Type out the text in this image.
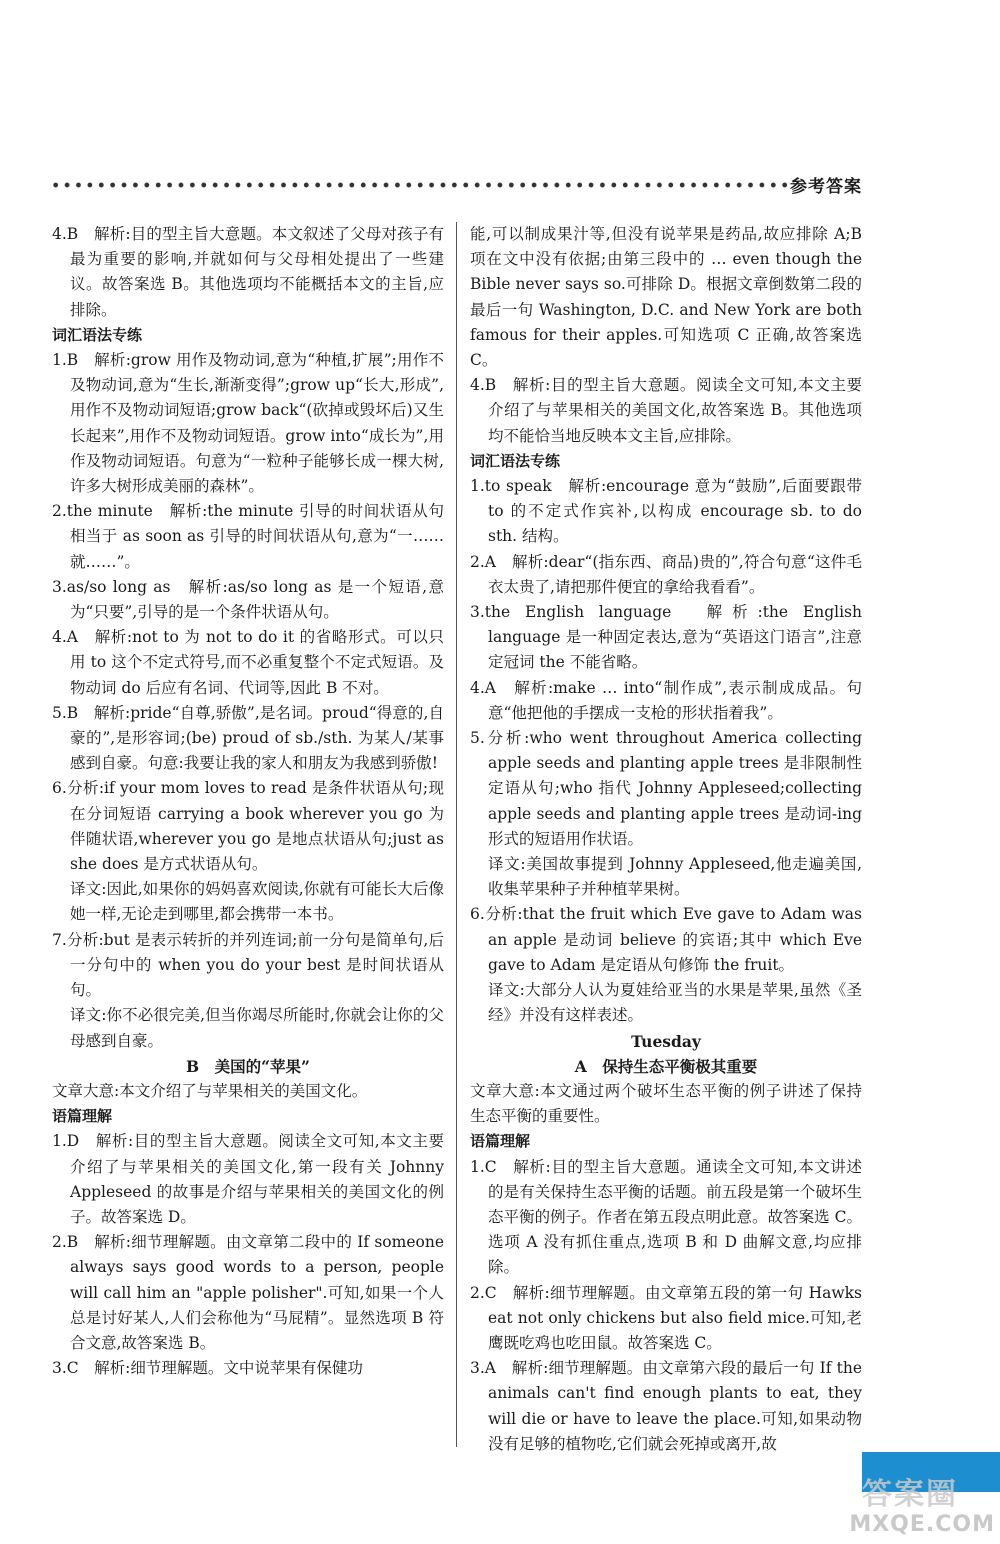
参考答案
4.B　解析:目的型主旨大意题。本文叙述了父母对孩子有最为重要的影响,并就如何与父母相处提出了一些建议。故答案选 B。其他选项均不能概括本文的主旨,应排除。
词汇语法专练
1.B　解析:grow 用作及物动词,意为“种植,扩展”;用作不及物动词,意为“生长,渐渐变得”;grow up“长大,形成”,用作不及物动词短语;grow back“(砍掉或毁坏后)又生长起来”,用作不及物动词短语。grow into“成长为”,用作及物动词短语。句意为“一粒种子能够长成一棵大树,许多大树形成美丽的森林”。
2.the minute　解析:the minute 引导的时间状语从句相当于 as soon as 引导的时间状语从句,意为“一……就……”。
3.as/so long as　解析:as/so long as 是一个短语,意为“只要”,引导的是一个条件状语从句。
4.A　解析:not to 为 not to do it 的省略形式。可以只用 to 这个不定式符号,而不必重复整个不定式短语。及物动词 do 后应有名词、代词等,因此 B 不对。
5.B　解析:pride“自尊,骄傲”,是名词。proud“得意的,自豪的”,是形容词;(be) proud of sb./sth. 为某人/某事感到自豪。句意:我要让我的家人和朋友为我感到骄傲!
6.分析:if your mom loves to read 是条件状语从句;现在分词短语 carrying a book wherever you go 为伴随状语,wherever you go 是地点状语从句;just as she does 是方式状语从句。
译文:因此,如果你的妈妈喜欢阅读,你就有可能长大后像她一样,无论走到哪里,都会携带一本书。
7.分析:but 是表示转折的并列连词;前一分句是简单句,后一分句中的 when you do your best 是时间状语从句。
译文:你不必很完美,但当你竭尽所能时,你就会让你的父母感到自豪。
B　美国的“苹果”
文章大意:本文介绍了与苹果相关的美国文化。
语篇理解
1.D　解析:目的型主旨大意题。阅读全文可知,本文主要介绍了与苹果相关的美国文化,第一段有关 Johnny Appleseed 的故事是介绍与苹果相关的美国文化的例子。故答案选 D。
2.B　解析:细节理解题。由文章第二段中的 If someone always says good words to a person, people will call him an "apple polisher".可知,如果一个人总是讨好某人,人们会称他为“马屁精”。显然选项 B 符合文意,故答案选 B。
3.C　解析:细节理解题。文中说苹果有保健功
能,可以制成果汁等,但没有说苹果是药品,故应排除 A;B 项在文中没有依据;由第三段中的 … even though the Bible never says so.可排除 D。根据文章倒数第二段的最后一句 Washington, D.C. and New York are both famous for their apples.可知选项 C 正确,故答案选 C。
4.B　解析:目的型主旨大意题。阅读全文可知,本文主要介绍了与苹果相关的美国文化,故答案选 B。其他选项均不能恰当地反映本文主旨,应排除。
词汇语法专练
1.to speak　解析:encourage 意为“鼓励”,后面要跟带 to 的不定式作宾补,以构成 encourage sb. to do sth. 结构。
2.A　解析:dear“(指东西、商品)贵的”,符合句意“这件毛衣太贵了,请把那件便宜的拿给我看看”。
3.the English language　解析:the English language 是一种固定表达,意为“英语这门语言”,注意定冠词 the 不能省略。
4.A　解析:make … into“制作成”,表示制成成品。句意“他把他的手摆成一支枪的形状指着我”。
5.分析:who went throughout America collecting apple seeds and planting apple trees 是非限制性定语从句;who 指代 Johnny Appleseed;collecting apple seeds and planting apple trees 是动词-ing 形式的短语用作状语。
译文:美国故事提到 Johnny Appleseed,他走遍美国,收集苹果种子并种植苹果树。
6.分析:that the fruit which Eve gave to Adam was an apple 是动词 believe 的宾语;其中 which Eve gave to Adam 是定语从句修饰 the fruit。
译文:大部分人认为夏娃给亚当的水果是苹果,虽然《圣经》并没有这样表述。
Tuesday
A　保持生态平衡极其重要
文章大意:本文通过两个破坏生态平衡的例子讲述了保持生态平衡的重要性。
语篇理解
1.C　解析:目的型主旨大意题。通读全文可知,本文讲述的是有关保持生态平衡的话题。前五段是第一个破坏生态平衡的例子。作者在第五段点明此意。故答案选 C。选项 A 没有抓住重点,选项 B 和 D 曲解文意,均应排除。
2.C　解析:细节理解题。由文章第五段的第一句 Hawks eat not only chickens but also field mice.可知,老鹰既吃鸡也吃田鼠。故答案选 C。
3.A　解析:细节理解题。由文章第六段的最后一句 If the animals can't find enough plants to eat, they will die or have to leave the place.可知,如果动物没有足够的植物吃,它们就会死掉或离开,故
答案圈
MXQE.COM
